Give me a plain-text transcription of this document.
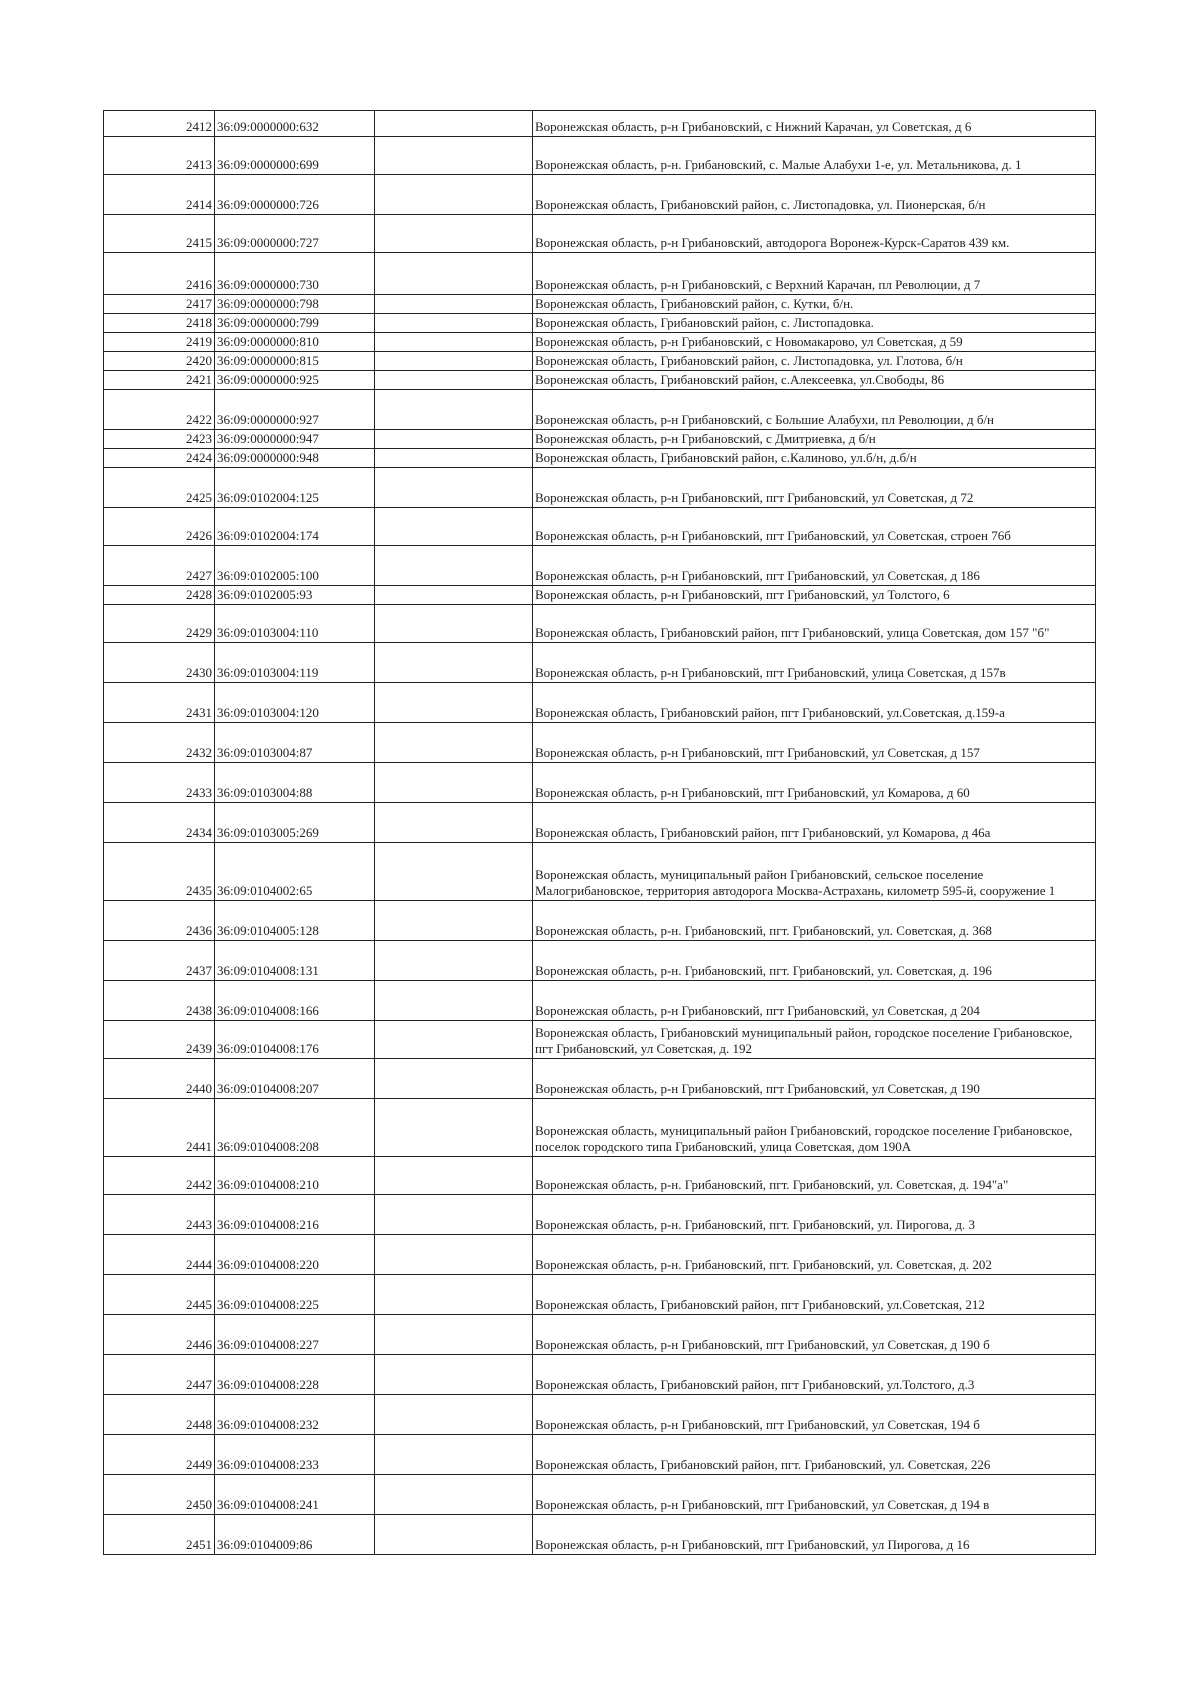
2412	36:09:0000000:632		Воронежская область, р-н Грибановский, с Нижний Карачан, ул Советская, д 6
2413	36:09:0000000:699		Воронежская область, р-н. Грибановский, с. Малые Алабухи 1-е, ул. Метальникова, д. 1
2414	36:09:0000000:726		Воронежская область, Грибановский район, с. Листопадовка, ул. Пионерская, б/н
2415	36:09:0000000:727		Воронежская область, р-н Грибановский, автодорога Воронеж-Курск-Саратов 439 км.
2416	36:09:0000000:730		Воронежская область, р-н Грибановский, с Верхний Карачан, пл Революции, д 7
2417	36:09:0000000:798		Воронежская область, Грибановский район, с. Кутки, б/н.
2418	36:09:0000000:799		Воронежская область, Грибановский район, с. Листопадовка.
2419	36:09:0000000:810		Воронежская область, р-н Грибановский, с Новомакарово, ул Советская, д 59
2420	36:09:0000000:815		Воронежская область, Грибановский район, с. Листопадовка, ул. Глотова, б/н
2421	36:09:0000000:925		Воронежская область, Грибановский район, с.Алексеевка, ул.Свободы, 86
2422	36:09:0000000:927		Воронежская область, р-н Грибановский, с Большие Алабухи, пл Революции, д б/н
2423	36:09:0000000:947		Воронежская область, р-н Грибановский, с Дмитриевка, д б/н
2424	36:09:0000000:948		Воронежская область, Грибановский район, с.Калиново, ул.б/н, д.б/н
2425	36:09:0102004:125		Воронежская область, р-н Грибановский, пгт Грибановский, ул Советская, д 72
2426	36:09:0102004:174		Воронежская область, р-н Грибановский, пгт Грибановский, ул Советская, строен 76б
2427	36:09:0102005:100		Воронежская область, р-н Грибановский, пгт Грибановский, ул Советская, д 186
2428	36:09:0102005:93		Воронежская область, р-н Грибановский, пгт Грибановский, ул Толстого, 6
2429	36:09:0103004:110		Воронежская область, Грибановский район, пгт Грибановский, улица Советская, дом 157 "б"
2430	36:09:0103004:119		Воронежская область, р-н Грибановский, пгт Грибановский, улица Советская, д 157в
2431	36:09:0103004:120		Воронежская область, Грибановский район, пгт Грибановский, ул.Советская, д.159-а
2432	36:09:0103004:87		Воронежская область, р-н Грибановский, пгт Грибановский, ул Советская, д 157
2433	36:09:0103004:88		Воронежская область, р-н Грибановский, пгт Грибановский, ул Комарова, д 60
2434	36:09:0103005:269		Воронежская область, Грибановский район, пгт Грибановский, ул Комарова, д 46а
2435	36:09:0104002:65		Воронежская область, муниципальный район Грибановский, сельское поселение Малогрибановское, территория автодорога Москва-Астрахань, километр 595-й, сооружение 1
2436	36:09:0104005:128		Воронежская область, р-н. Грибановский, пгт. Грибановский, ул. Советская, д. 368
2437	36:09:0104008:131		Воронежская область, р-н. Грибановский, пгт. Грибановский, ул. Советская, д. 196
2438	36:09:0104008:166		Воронежская область, р-н Грибановский, пгт Грибановский, ул Советская, д 204
2439	36:09:0104008:176		Воронежская область, Грибановский муниципальный район, городское поселение Грибановское, пгт Грибановский, ул Советская, д. 192
2440	36:09:0104008:207		Воронежская область, р-н Грибановский, пгт Грибановский, ул Советская, д 190
2441	36:09:0104008:208		Воронежская область, муниципальный район Грибановский, городское поселение Грибановское, поселок городского типа Грибановский, улица Советская, дом 190А
2442	36:09:0104008:210		Воронежская область, р-н. Грибановский, пгт. Грибановский, ул. Советская, д. 194"а"
2443	36:09:0104008:216		Воронежская область, р-н. Грибановский, пгт. Грибановский, ул. Пирогова, д. 3
2444	36:09:0104008:220		Воронежская область, р-н. Грибановский, пгт. Грибановский, ул. Советская, д. 202
2445	36:09:0104008:225		Воронежская область, Грибановский район, пгт Грибановский, ул.Советская, 212
2446	36:09:0104008:227		Воронежская область, р-н Грибановский, пгт Грибановский, ул Советская, д 190 б
2447	36:09:0104008:228		Воронежская область, Грибановский район, пгт Грибановский, ул.Толстого, д.3
2448	36:09:0104008:232		Воронежская область, р-н Грибановский, пгт Грибановский, ул Советская, 194 б
2449	36:09:0104008:233		Воронежская область, Грибановский район, пгт. Грибановский, ул. Советская, 226
2450	36:09:0104008:241		Воронежская область, р-н Грибановский, пгт Грибановский, ул Советская, д 194 в
2451	36:09:0104009:86		Воронежская область, р-н Грибановский, пгт Грибановский, ул Пирогова, д 16
